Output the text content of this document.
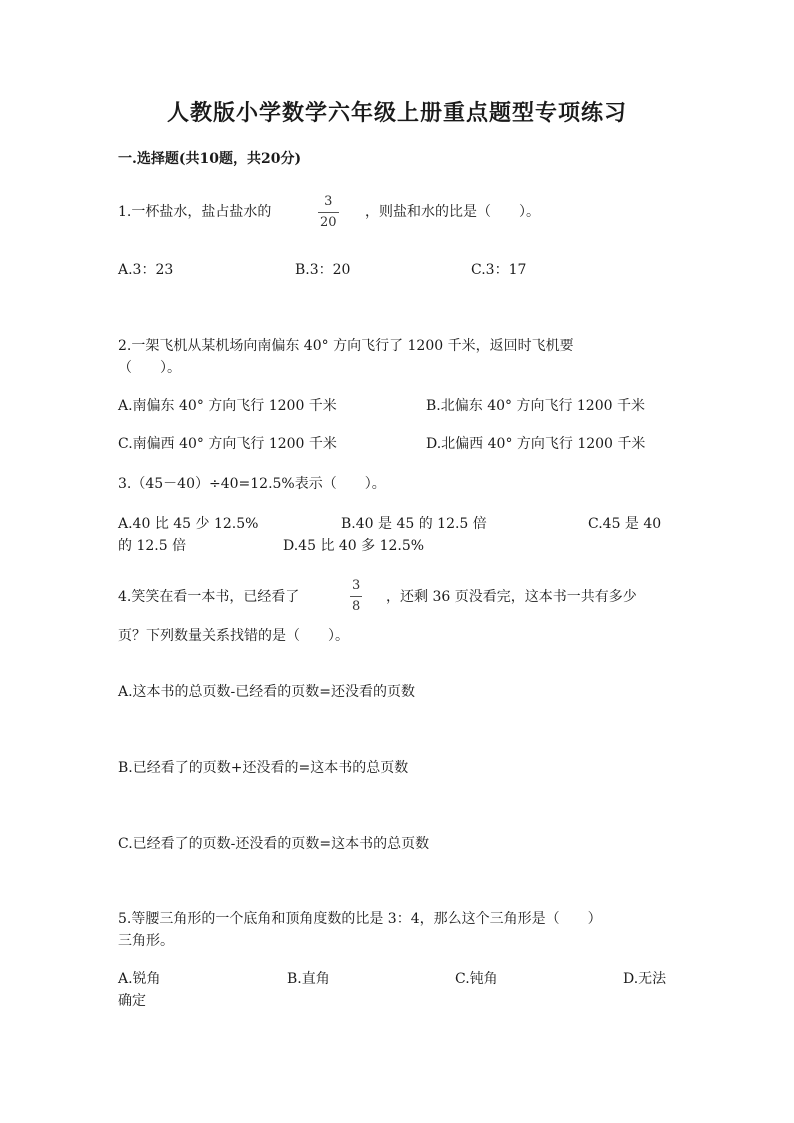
人教版小学数学六年级上册重点题型专项练习
一.选择题(共10题，共20分)
1.一杯盐水，盐占盐水的
3
20
，则盐和水的比是（　　）。
A.3：23	B.3：20	C.3：17
2.一架飞机从某机场向南偏东 40° 方向飞行了 1200 千米，返回时飞机要
（　　）。
A.南偏东 40° 方向飞行 1200 千米	B.北偏东 40° 方向飞行 1200 千米
C.南偏西 40° 方向飞行 1200 千米	D.北偏西 40° 方向飞行 1200 千米
3.（45－40）÷40=12.5%表示（　　）。
A.40 比 45 少 12.5%	B.40 是 45 的 12.5 倍	C.45 是 40
的 12.5 倍	D.45 比 40 多 12.5%
4.笑笑在看一本书，已经看了
3
8
，还剩 36 页没看完，这本书一共有多少
页？下列数量关系找错的是（　　）。
A.这本书的总页数-已经看的页数=还没看的页数
B.已经看了的页数+还没看的=这本书的总页数
C.已经看了的页数-还没看的页数=这本书的总页数
5.等腰三角形的一个底角和顶角度数的比是 3：4，那么这个三角形是（　　）
三角形。
A.锐角	B.直角	C.钝角	D.无法
确定
